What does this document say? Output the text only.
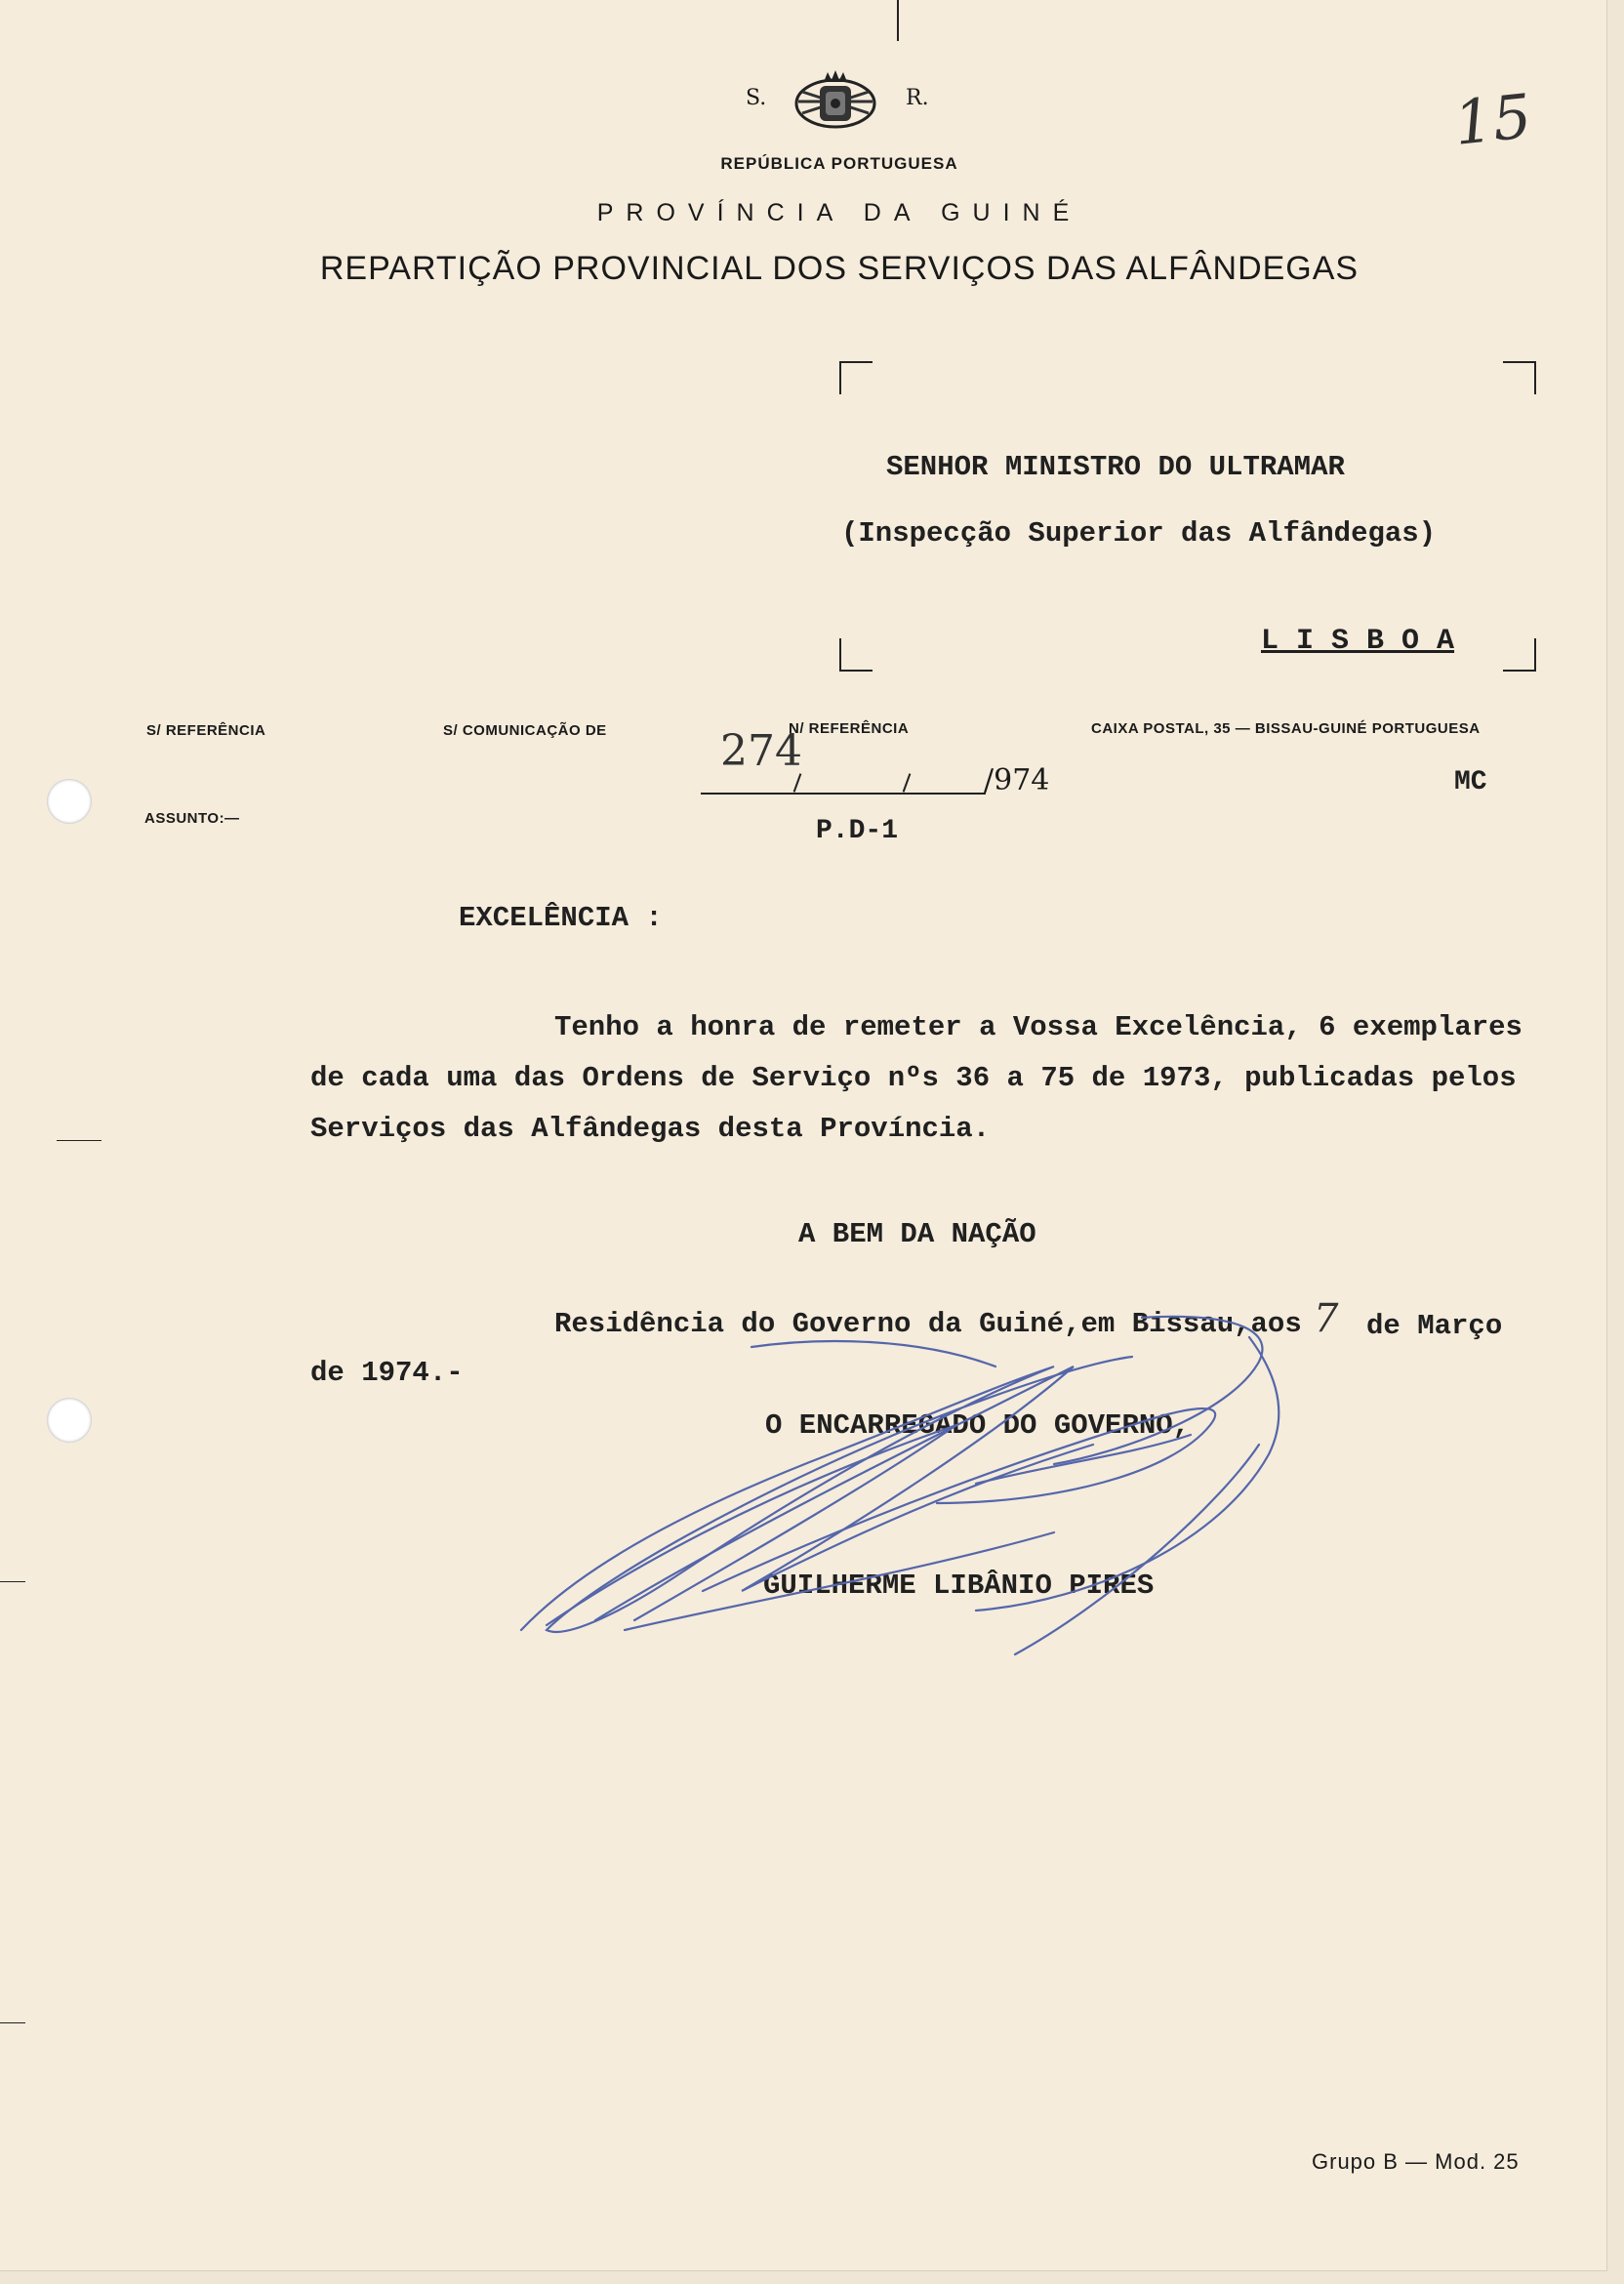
S.	R.
REPÚBLICA PORTUGUESA
PROVÍNCIA DA GUINÉ
REPARTIÇÃO PROVINCIAL DOS SERVIÇOS DAS ALFÂNDEGAS
15
SENHOR MINISTRO DO ULTRAMAR
(Inspecção Superior das Alfândegas)
L I S B O A
S/ REFERÊNCIA	S/ COMUNICAÇÃO DE	N/ REFERÊNCIA	CAIXA POSTAL, 35 — BISSAU-GUINÉ PORTUGUESA
274
/974
P.D-1
MC
ASSUNTO:—
EXCELÊNCIA :
Tenho a honra de remeter a Vossa Excelência, 6 exemplares
de cada uma das Ordens de Serviço nºs 36 a 75 de 1973, publicadas pelos
Serviços das Alfândegas desta Província.
A BEM DA NAÇÃO
Residência do Governo da Guiné,em Bissau,aos 7 de Março
de 1974.-
O ENCARREGADO DO GOVERNO,
GUILHERME LIBÂNIO PIRES
Grupo B — Mod. 25
